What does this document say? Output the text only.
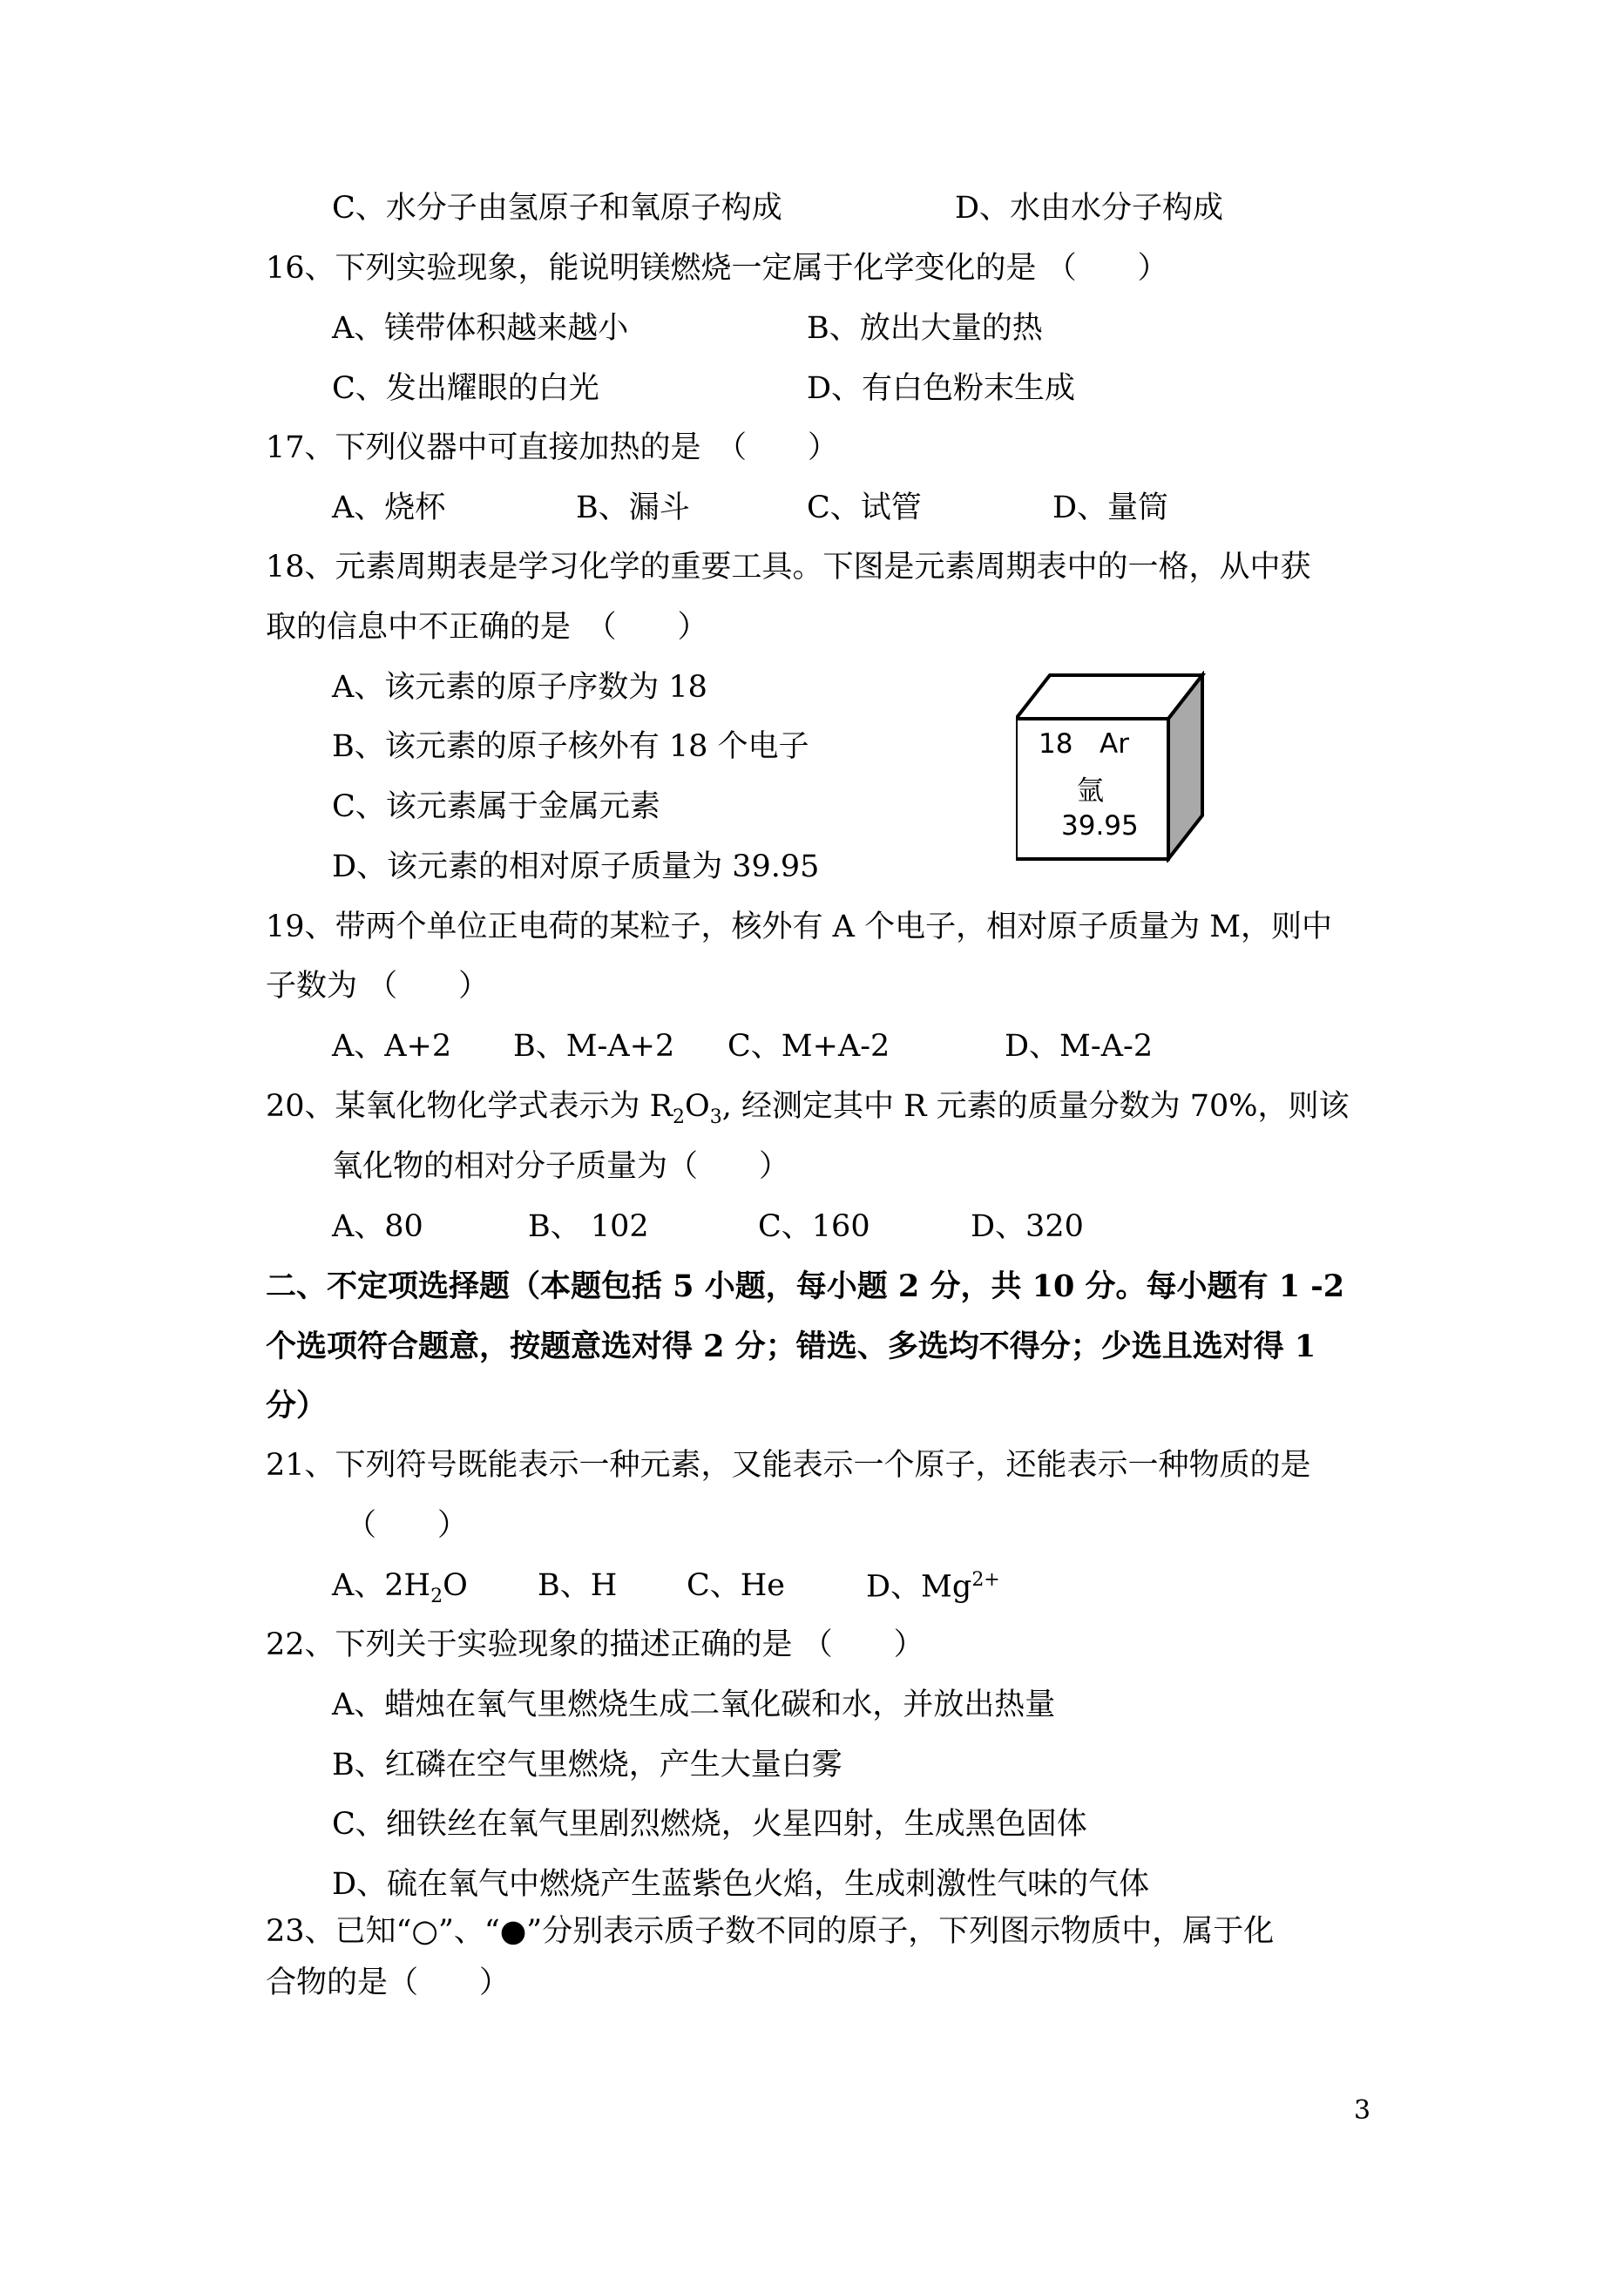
C、水分子由氢原子和氧原子构成	D、水由水分子构成
16、下列实验现象，能说明镁燃烧一定属于化学变化的是 （　　）
A、镁带体积越来越小	B、放出大量的热
C、发出耀眼的白光	D、有白色粉末生成
17、下列仪器中可直接加热的是　（　　）
A、烧杯	B、漏斗	C、试管	D、量筒
18、元素周期表是学习化学的重要工具。下图是元素周期表中的一格，从中获
取的信息中不正确的是　（　　）
A、该元素的原子序数为 18
B、该元素的原子核外有 18 个电子
C、该元素属于金属元素
D、该元素的相对原子质量为 39.95
18 Ar
氩
39.95
19、带两个单位正电荷的某粒子，核外有 A 个电子，相对原子质量为 M，则中
子数为 （　　）
A、A+2 B、M-A+2 C、M+A-2	D、M-A-2
20、某氧化物化学式表示为 $R_2O_3$, 经测定其中 R 元素的质量分数为 70%，则该
氧化物的相对分子质量为（　　）
A、80	B、 102	C、160	D、320
二、不定项选择题（本题包括 5 小题，每小题 2 分，共 10 分。每小题有 1 -2
个选项符合题意，按题意选对得 2 分；错选、多选均不得分；少选且选对得 1
分）
21、下列符号既能表示一种元素，又能表示一个原子，还能表示一种物质的是
（　　）
A、$2H_2O$ B、H C、He	D、$Mg^{2+}$
22、下列关于实验现象的描述正确的是 （　　）
A、蜡烛在氧气里燃烧生成二氧化碳和水，并放出热量
B、红磷在空气里燃烧，产生大量白雾
C、细铁丝在氧气里剧烈燃烧，火星四射，生成黑色固体
D、硫在氧气中燃烧产生蓝紫色火焰，生成刺激性气味的气体
23、已知“○”、“●”分别表示质子数不同的原子，下列图示物质中，属于化
合物的是（　　）
3
